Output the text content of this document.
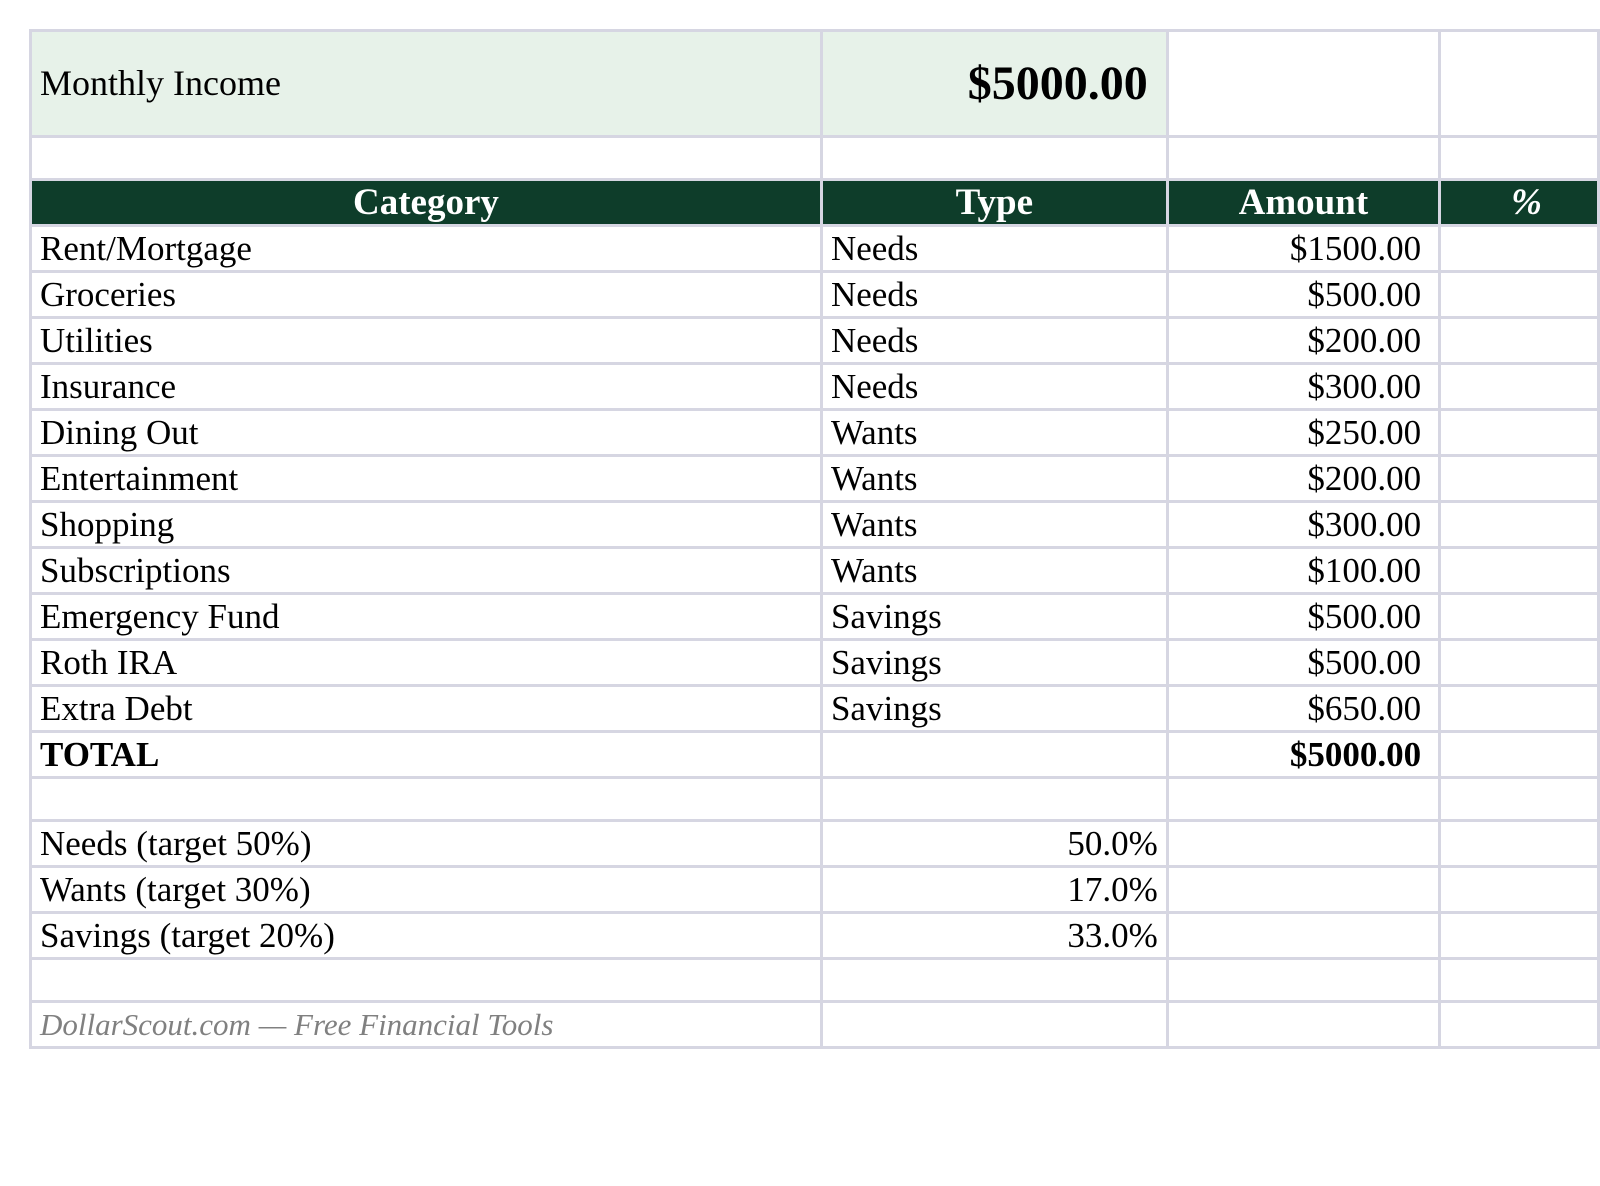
Monthly Income	$5000.00		

Category	Type	Amount	%
Rent/Mortgage	Needs	$1500.00	
Groceries	Needs	$500.00	
Utilities	Needs	$200.00	
Insurance	Needs	$300.00	
Dining Out	Wants	$250.00	
Entertainment	Wants	$200.00	
Shopping	Wants	$300.00	
Subscriptions	Wants	$100.00	
Emergency Fund	Savings	$500.00	
Roth IRA	Savings	$500.00	
Extra Debt	Savings	$650.00	
TOTAL		$5000.00	

Needs (target 50%)	50.0%		
Wants (target 30%)	17.0%		
Savings (target 20%)	33.0%		

DollarScout.com — Free Financial Tools			
